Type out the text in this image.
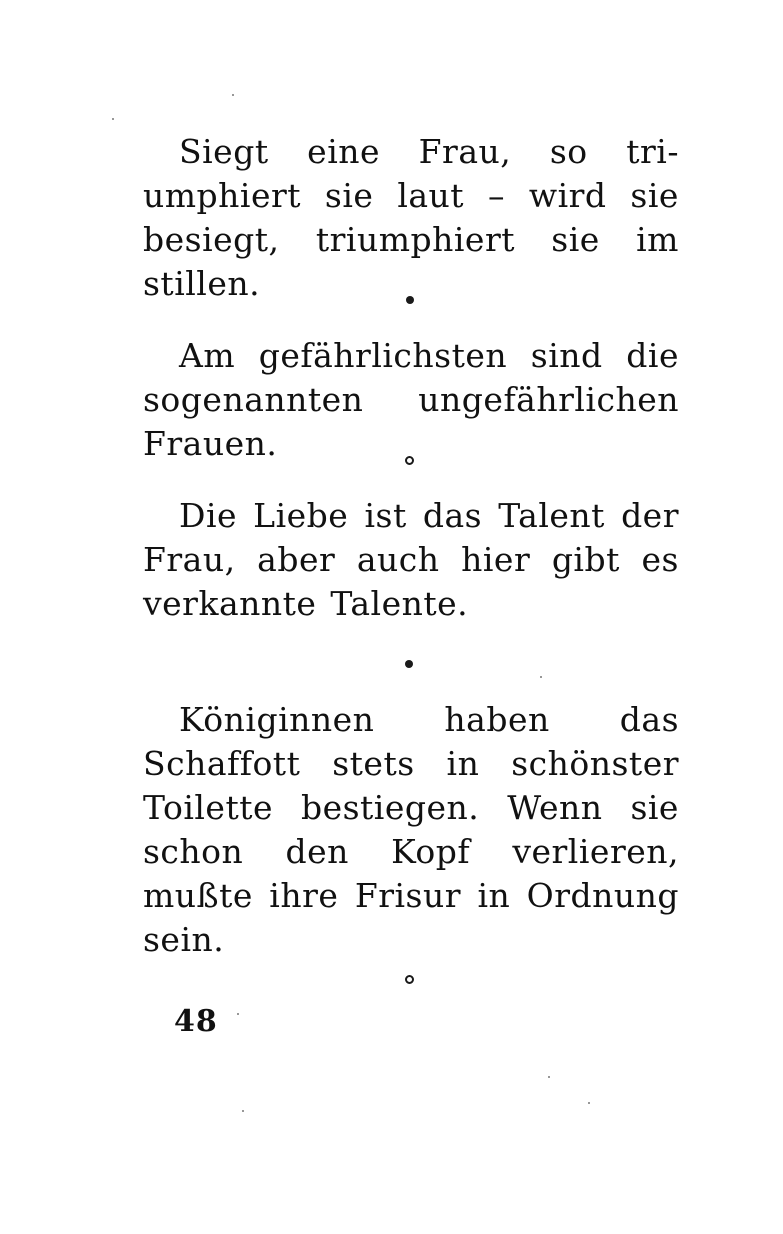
Siegt eine Frau, so tri-
umphiert sie laut – wird sie
besiegt, triumphiert sie im
stillen.
Am gefährlichsten sind die
sogenannten ungefährlichen
Frauen.
Die Liebe ist das Talent der
Frau, aber auch hier gibt es
verkannte Talente.
Königinnen haben das
Schaffott stets in schönster
Toilette bestiegen. Wenn sie
schon den Kopf verlieren,
mußte ihre Frisur in Ordnung
sein.
48
